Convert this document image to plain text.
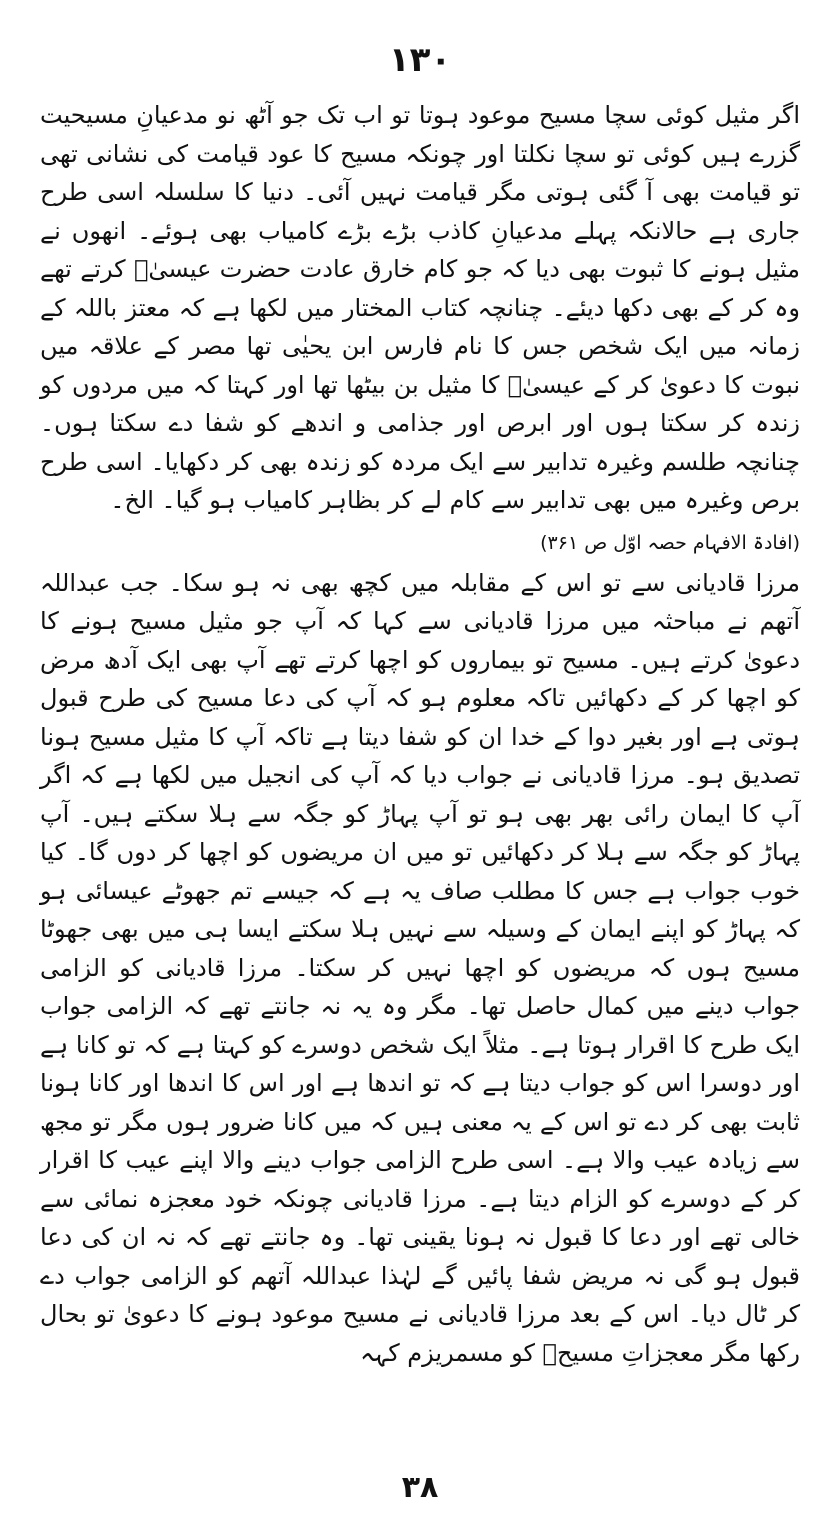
۱۳۰

اگر مثیل کوئی سچا مسیح موعود ہوتا تو اب تک جو آٹھ نو مدعیانِ مسیحیت گزرے ہیں کوئی تو سچا نکلتا اور چونکہ مسیح کا عود قیامت کی نشانی تھی تو قیامت بھی آ گئی ہوتی مگر قیامت نہیں آئی۔ دنیا کا سلسلہ اسی طرح جاری ہے حالانکہ پہلے مدعیانِ کاذب بڑے بڑے کامیاب بھی ہوئے۔ انھوں نے مثیل ہونے کا ثبوت بھی دیا کہ جو کام خارق عادت حضرت عیسیٰؑ کرتے تھے وہ کر کے بھی دکھا دیئے۔ چنانچہ کتاب المختار میں لکھا ہے کہ معتز باللہ کے زمانہ میں ایک شخص جس کا نام فارس ابن یحیٰی تھا مصر کے علاقہ میں نبوت کا دعویٰ کر کے عیسیٰؑ کا مثیل بن بیٹھا تھا اور کہتا کہ میں مردوں کو زندہ کر سکتا ہوں اور ابرص اور جذامی و اندھے کو شفا دے سکتا ہوں۔ چنانچہ طلسم وغیرہ تدابیر سے ایک مردہ کو زندہ بھی کر دکھایا۔ اسی طرح برص وغیرہ میں بھی تدابیر سے کام لے کر بظاہر کامیاب ہو گیا۔ الخ۔

(افادۃ الافہام حصہ اوّل ص ۳۶۱)

مرزا قادیانی سے تو اس کے مقابلہ میں کچھ بھی نہ ہو سکا۔ جب عبداللہ آتھم نے مباحثہ میں مرزا قادیانی سے کہا کہ آپ جو مثیل مسیح ہونے کا دعویٰ کرتے ہیں۔ مسیح تو بیماروں کو اچھا کرتے تھے آپ بھی ایک آدھ مرض کو اچھا کر کے دکھائیں تاکہ معلوم ہو کہ آپ کی دعا مسیح کی طرح قبول ہوتی ہے اور بغیر دوا کے خدا ان کو شفا دیتا ہے تاکہ آپ کا مثیل مسیح ہونا تصدیق ہو۔ مرزا قادیانی نے جواب دیا کہ آپ کی انجیل میں لکھا ہے کہ اگر آپ کا ایمان رائی بھر بھی ہو تو آپ پہاڑ کو جگہ سے ہلا سکتے ہیں۔ آپ پہاڑ کو جگہ سے ہلا کر دکھائیں تو میں ان مریضوں کو اچھا کر دوں گا۔ کیا خوب جواب ہے جس کا مطلب صاف یہ ہے کہ جیسے تم جھوٹے عیسائی ہو کہ پہاڑ کو اپنے ایمان کے وسیلہ سے نہیں ہلا سکتے ایسا ہی میں بھی جھوٹا مسیح ہوں کہ مریضوں کو اچھا نہیں کر سکتا۔ مرزا قادیانی کو الزامی جواب دینے میں کمال حاصل تھا۔ مگر وہ یہ نہ جانتے تھے کہ الزامی جواب ایک طرح کا اقرار ہوتا ہے۔ مثلاً ایک شخص دوسرے کو کہتا ہے کہ تو کانا ہے اور دوسرا اس کو جواب دیتا ہے کہ تو اندھا ہے اور اس کا اندھا اور کانا ہونا ثابت بھی کر دے تو اس کے یہ معنی ہیں کہ میں کانا ضرور ہوں مگر تو مجھ سے زیادہ عیب والا ہے۔ اسی طرح الزامی جواب دینے والا اپنے عیب کا اقرار کر کے دوسرے کو الزام دیتا ہے۔ مرزا قادیانی چونکہ خود معجزہ نمائی سے خالی تھے اور دعا کا قبول نہ ہونا یقینی تھا۔ وہ جانتے تھے کہ نہ ان کی دعا قبول ہو گی نہ مریض شفا پائیں گے لہٰذا عبداللہ آتھم کو الزامی جواب دے کر ٹال دیا۔ اس کے بعد مرزا قادیانی نے مسیح موعود ہونے کا دعویٰ تو بحال رکھا مگر معجزاتِ مسیحؑ کو مسمریزم کہہ

۳۸
